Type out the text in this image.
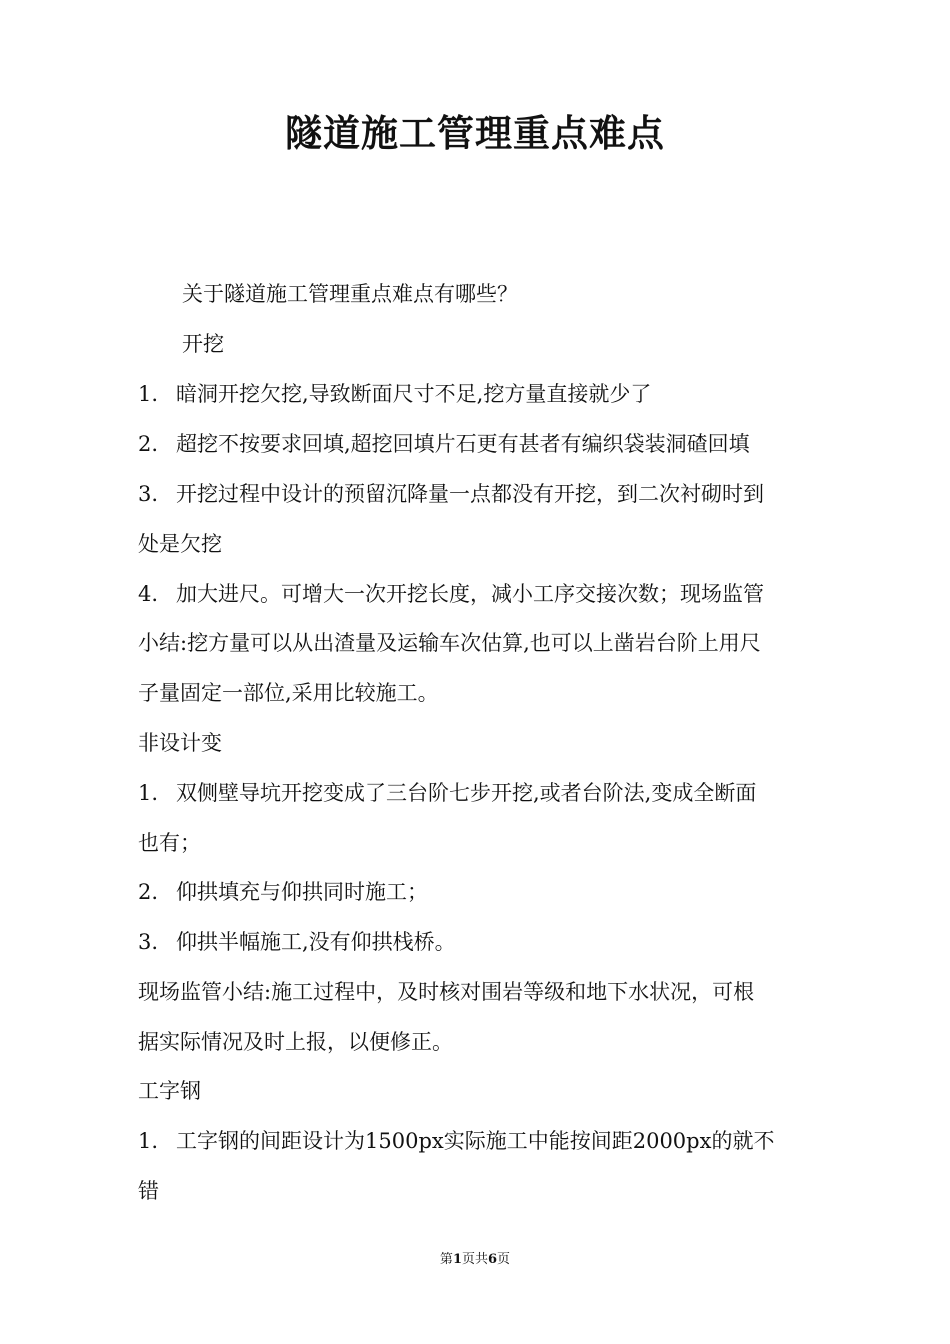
隧道施工管理重点难点
关于隧道施工管理重点难点有哪些？
开挖
1. 暗洞开挖欠挖,导致断面尺寸不足,挖方量直接就少了
2. 超挖不按要求回填,超挖回填片石更有甚者有编织袋装洞碴回填
3. 开挖过程中设计的预留沉降量一点都没有开挖，到二次衬砌时到
处是欠挖
4. 加大进尺。可增大一次开挖长度，减小工序交接次数；现场监管
小结:挖方量可以从出渣量及运输车次估算,也可以上凿岩台阶上用尺
子量固定一部位,采用比较施工。
非设计变
1. 双侧壁导坑开挖变成了三台阶七步开挖,或者台阶法,变成全断面
也有；
2. 仰拱填充与仰拱同时施工；
3. 仰拱半幅施工,没有仰拱栈桥。
现场监管小结:施工过程中，及时核对围岩等级和地下水状况，可根
据实际情况及时上报，以便修正。
工字钢
1. 工字钢的间距设计为1500px实际施工中能按间距2000px的就不
错
第1页共6页
